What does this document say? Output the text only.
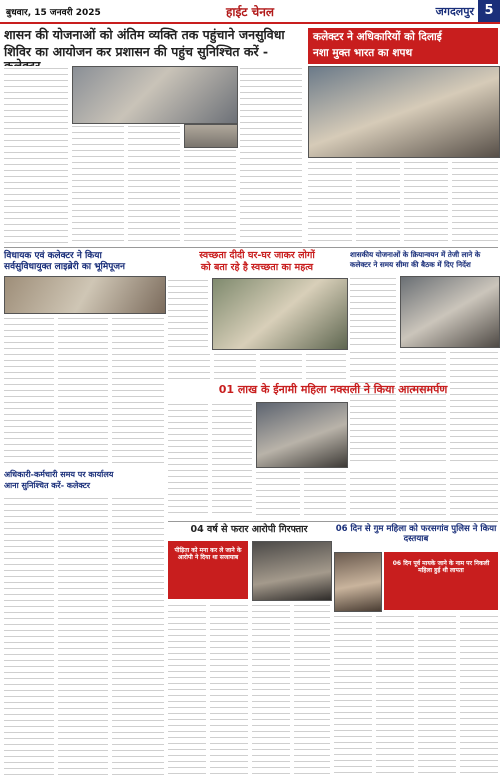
बुधवार, 15 जनवरी 2025	हाईट चेनल	जगदलपुर 5
शासन की योजनाओं को अंतिम व्यक्ति तक पहुंचाने जनसुविधा
शिविर का आयोजन कर प्रशासन की पहुंच सुनिश्चित करें -
कलेक्टर ने अधिकारियों को दिलाई
नशा मुक्त भारत का शपथ
विधायक एवं कलेक्टर ने किया
सर्वसुविधायुक्त लाइब्रेरी का भूमिपूजन
स्वच्छता दीदी घर-घर जाकर लोगों
को बता रहे है स्वच्छता का महत्व
शासकीय योजनाओं के क्रियान्वयन में तेजी लाने के
कलेक्टर ने समय सीमा की बैठक में दिए निर्देश
01 लाख के ईनामी महिला नक्सली ने किया आत्मसमर्पण
अधिकारी-कर्मचारी समय पर कार्यालय
आना सुनिश्चित करें- कलेक्टर
04 वर्ष से फरार आरोपी गिरफ्तार
पीड़िता को मना कर ले जाने के आरोपी ने दिया था सजायाब
06 दिन से गुम महिला को फरसगांव पुलिस ने किया दस्तयाब
06 दिन पूर्व मायके जाने के नाम पर निकली महिला हुई थी लापता
